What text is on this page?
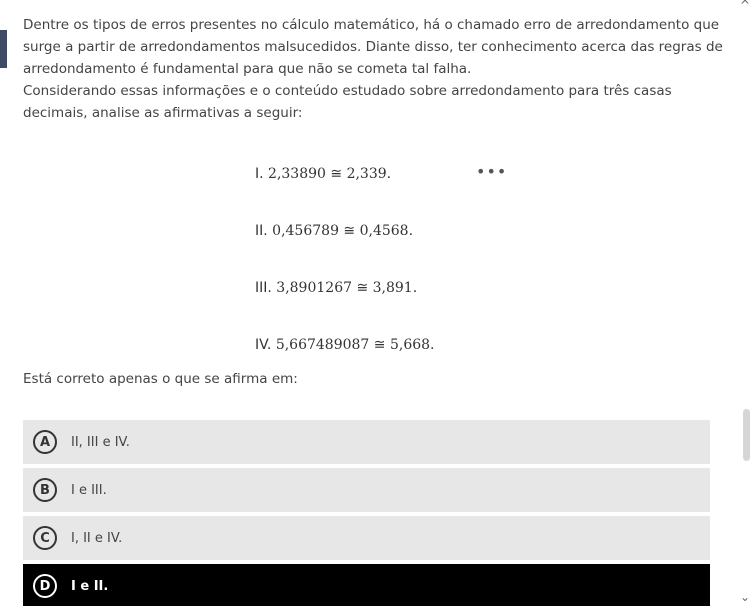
Dentre os tipos de erros presentes no cálculo matemático, há o chamado erro de arredondamento que surge a partir de arredondamentos malsucedidos. Diante disso, ter conhecimento acerca das regras de arredondamento é fundamental para que não se cometa tal falha.

Considerando essas informações e o conteúdo estudado sobre arredondamento para três casas decimais, analise as afirmativas a seguir:

I. 2,33890 ≅ 2,339.
II. 0,456789 ≅ 0,4568.
III. 3,8901267 ≅ 3,891.
IV. 5,667489087 ≅ 5,668.
•••
Está correto apenas o que se afirma em:
A	II, III e IV.
B	I e III.
C	I, II e IV.
D	I e II.
^
⌄
